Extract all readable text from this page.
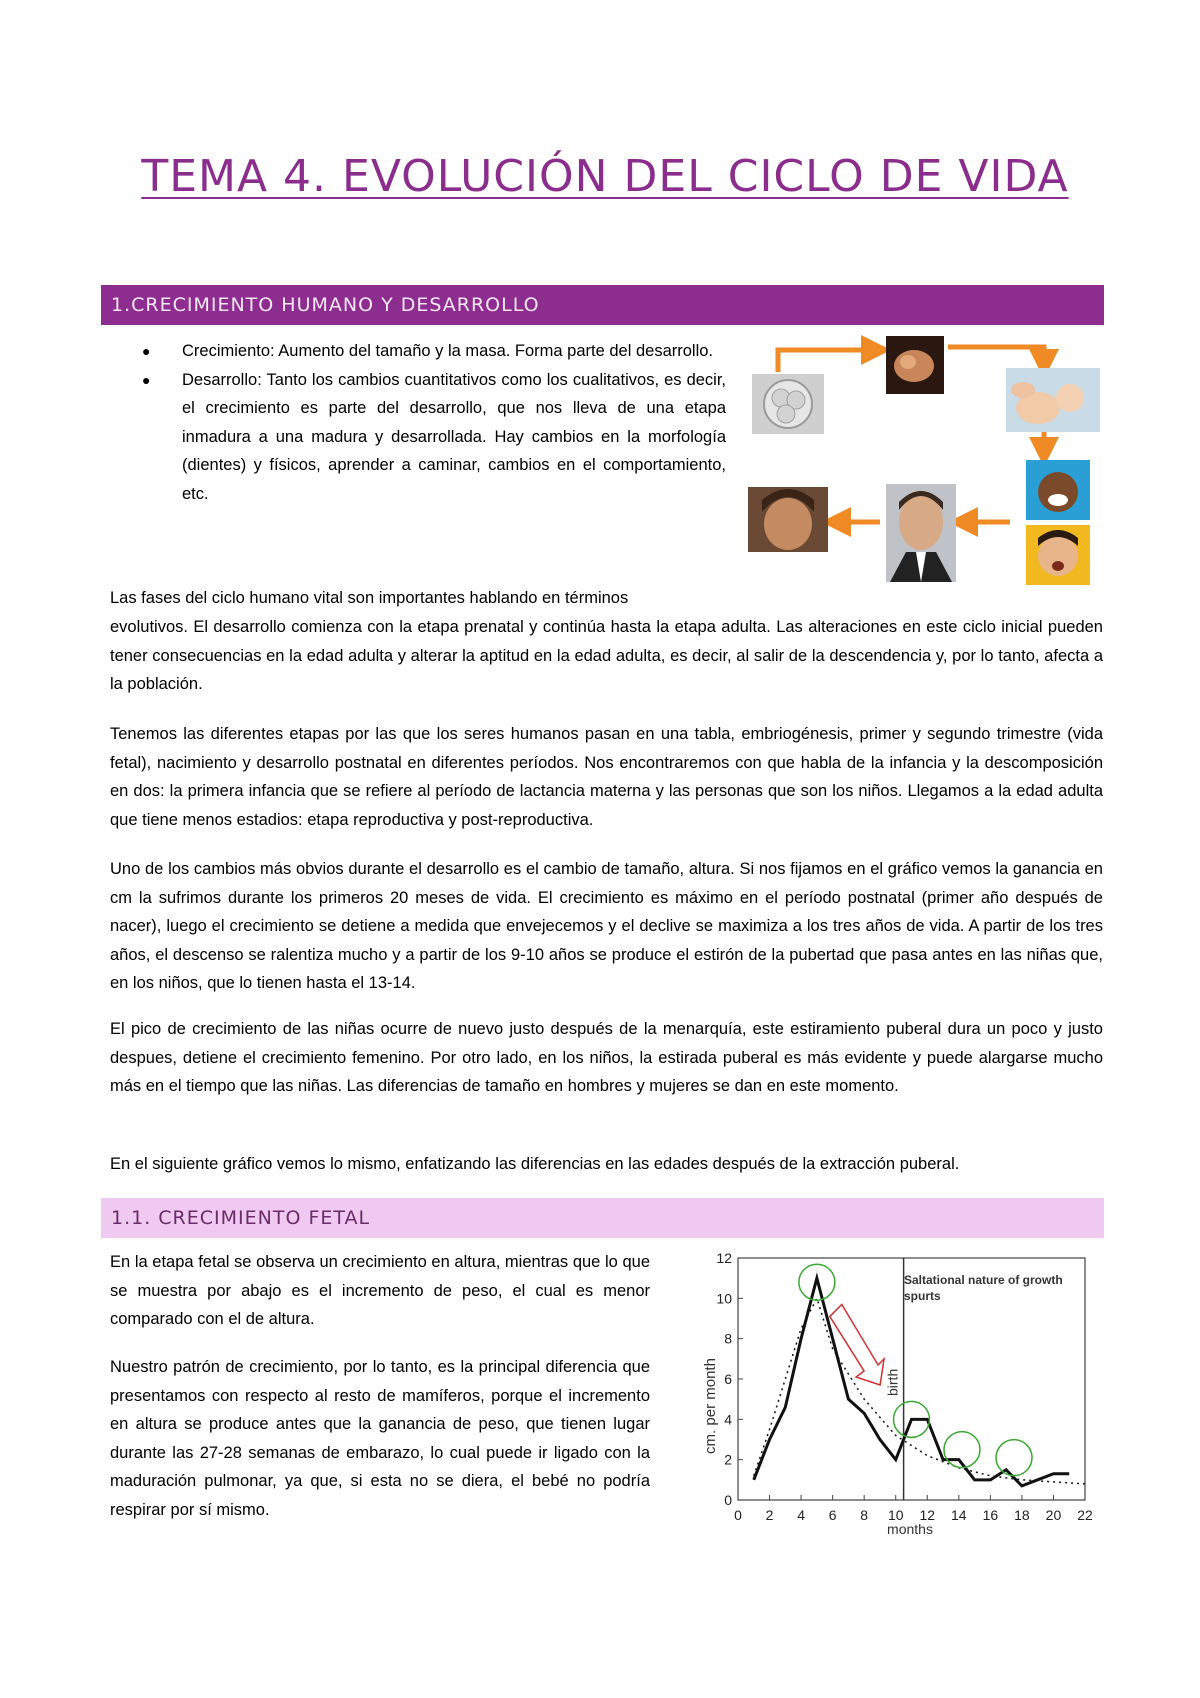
TEMA 4. EVOLUCIÓN DEL CICLO DE VIDA
1.CRECIMIENTO HUMANO Y DESARROLLO
● Crecimiento: Aumento del tamaño y la masa. Forma parte del desarrollo.
● Desarrollo: Tanto los cambios cuantitativos como los cualitativos, es decir, el crecimiento es parte del desarrollo, que nos lleva de una etapa inmadura a una madura y desarrollada. Hay cambios en la morfología (dientes) y físicos, aprender a caminar, cambios en el comportamiento, etc.
Las fases del ciclo humano vital son importantes hablando en términos
evolutivos. El desarrollo comienza con la etapa prenatal y continúa hasta la etapa adulta. Las alteraciones en este ciclo inicial pueden tener consecuencias en la edad adulta y alterar la aptitud en la edad adulta, es decir, al salir de la descendencia y, por lo tanto, afecta a la población.
Tenemos las diferentes etapas por las que los seres humanos pasan en una tabla, embriogénesis, primer y segundo trimestre (vida fetal), nacimiento y desarrollo postnatal en diferentes períodos. Nos encontraremos con que habla de la infancia y la descomposición en dos: la primera infancia que se refiere al período de lactancia materna y las personas que son los niños. Llegamos a la edad adulta que tiene menos estadios: etapa reproductiva y post-reproductiva.
Uno de los cambios más obvios durante el desarrollo es el cambio de tamaño, altura. Si nos fijamos en el gráfico vemos la ganancia en cm la sufrimos durante los primeros 20 meses de vida. El crecimiento es máximo en el período postnatal (primer año después de nacer), luego el crecimiento se detiene a medida que envejecemos y el declive se maximiza a los tres años de vida. A partir de los tres años, el descenso se ralentiza mucho y a partir de los 9-10 años se produce el estirón de la pubertad que pasa antes en las niñas que, en los niños, que lo tienen hasta el 13-14.
El pico de crecimiento de las niñas ocurre de nuevo justo después de la menarquía, este estiramiento puberal dura un poco y justo despues, detiene el crecimiento femenino. Por otro lado, en los niños, la estirada puberal es más evidente y puede alargarse mucho más en el tiempo que las niñas. Las diferencias de tamaño en hombres y mujeres se dan en este momento.
En el siguiente gráfico vemos lo mismo, enfatizando las diferencias en las edades después de la extracción puberal.
1.1. CRECIMIENTO FETAL
En la etapa fetal se observa un crecimiento en altura, mientras que lo que se muestra por abajo es el incremento de peso, el cual es menor comparado con el de altura.
Nuestro patrón de crecimiento, por lo tanto, es la principal diferencia que presentamos con respecto al resto de mamíferos, porque el incremento en altura se produce antes que la ganancia de peso, que tienen lugar durante las 27-28 semanas de embarazo, lo cual puede ir ligado con la maduración pulmonar, ya que, si esta no se diera, el bebé no podría respirar por sí mismo.
cm. per month
months
Saltational nature of growth spurts
0 2 4 6 8 10 12 14 16 18 20 22
0
2
4
6
8
10
12
birth
